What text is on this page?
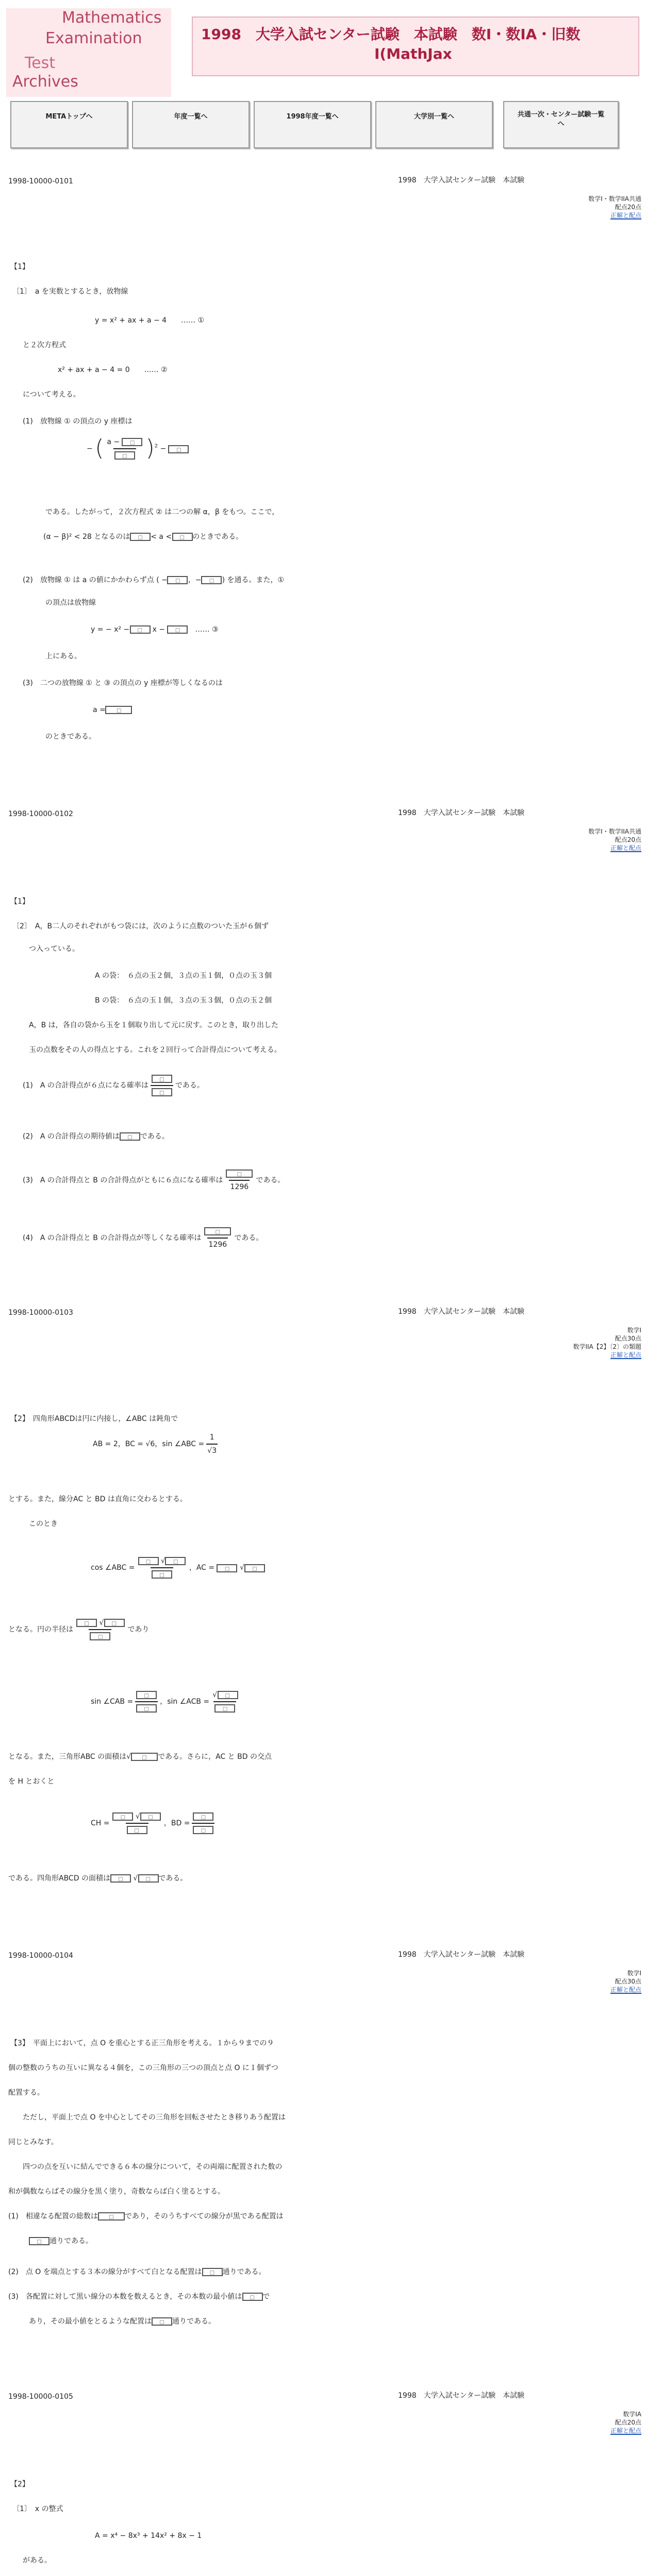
Mathematics
Examination
Test
Archives
1998　大学入試センター試験　本試験　数I・数IA・旧数
I(MathJax
METAトップへ	年度一覧へ	1998年度一覧へ	大学別一覧へ	共通一次・センター試験一覧へ
1998-10000-0101	1998　大学入試センター試験　本試験
数学I・数学IIA共通
配点20点
正解と配点
【1】
〔1〕　a を実数とするとき，放物線
y = x² + ax + a − 4　　…… ①
と２次方程式
x² + ax + a − 4 = 0　　…… ②
について考える。
(1)　放物線 ① の頂点の y 座標は
− ( a −	□
□ )$^2$ −	□
である。したがって，２次方程式 ② は二つの解 α，β をもつ。ここで，
(α − β)² < 28 となるのは	□ < a <	□ のときである。
(2)　放物線 ① は a の値にかかわらず点 ( −	□ ，−	□ ) を通る。また，①
の頂点は放物線
y = − x² −	□	x −	□　	…… ③
上にある。
(3)　二つの放物線 ① と ③ の頂点の y 座標が等しくなるのは
a =	□
のときである。
1998-10000-0102	1998　大学入試センター試験　本試験
数学I・数学IIA共通
配点20点
正解と配点
【1】
〔2〕　A，B二人のそれぞれがもつ袋には，次のように点数のついた玉が６個ず
つ入っている。
A の袋：　６点の玉２個，３点の玉１個，０点の玉３個
B の袋：　６点の玉１個，３点の玉３個，０点の玉２個
A，B は，各自の袋から玉を１個取り出して元に戻す。このとき，取り出した
玉の点数をその人の得点とする。これを２回行って合計得点について考える。
(1)　A の合計得点が６点になる確率は $\frac{□}{□}$ である。
(2)　A の合計得点の期待値は	□ である。
(3)　A の合計得点と B の合計得点がともに６点になる確率は $\frac{□}{1296}$ である。
(4)　A の合計得点と B の合計得点が等しくなる確率は $\frac{□}{1296}$ である。
1998-10000-0103	1998　大学入試センター試験　本試験
数学I
配点30点
数学IIA【2】〔2〕の類題
正解と配点
【2】　四角形ABCDは円に内接し，∠ABC は鈍角で
AB = 2，BC = √6，sin ∠ABC = $\frac{1}{√3}$
とする。また，線分AC と BD は直角に交わるとする。
このとき
cos ∠ABC = □ √	□
□ ，AC =	□ √	□
となる。円の半径は □ √	□
□ であり
sin ∠CAB = $\frac{□}{□}$ ，sin ∠ACB = √	□
□
となる。また，三角形ABC の面積は√	□	である。さらに，AC と BD の交点
を H とおくと
CH = □ √	□
□ ，BD = $\frac{□}{□}$
である。四角形ABCD の面積は	□ √	□ である。
1998-10000-0104	1998　大学入試センター試験　本試験
数学I
配点30点
正解と配点
【3】　平面上において，点 O を重心とする正三角形を考える。１から９までの９
個の整数のうちの互いに異なる４個を，この三角形の三つの頂点と点 O に１個ずつ
配置する。
ただし，平面上で点 O を中心としてその三角形を回転させたとき移りあう配置は
同じとみなす。
四つの点を互いに結んでできる６本の線分について，その両端に配置された数の
和が偶数ならばその線分を黒く塗り，奇数ならば白く塗るとする。
(1)　相違なる配置の総数は	□	であり，そのうちすべての線分が黒である配置は
□ 通りである。
(2)　点 O を端点とする３本の線分がすべて白となる配置は	□ 通りである。
(3)　各配置に対して黒い線分の本数を数えるとき，その本数の最小値は	□ で
あり，その最小値をとるような配置は	□ 通りである。
1998-10000-0105	1998　大学入試センター試験　本試験
数学IA
配点20点
正解と配点
【2】
〔1〕　x の整式
A = x⁴ − 8x³ + 14x² + 8x − 1
がある。
